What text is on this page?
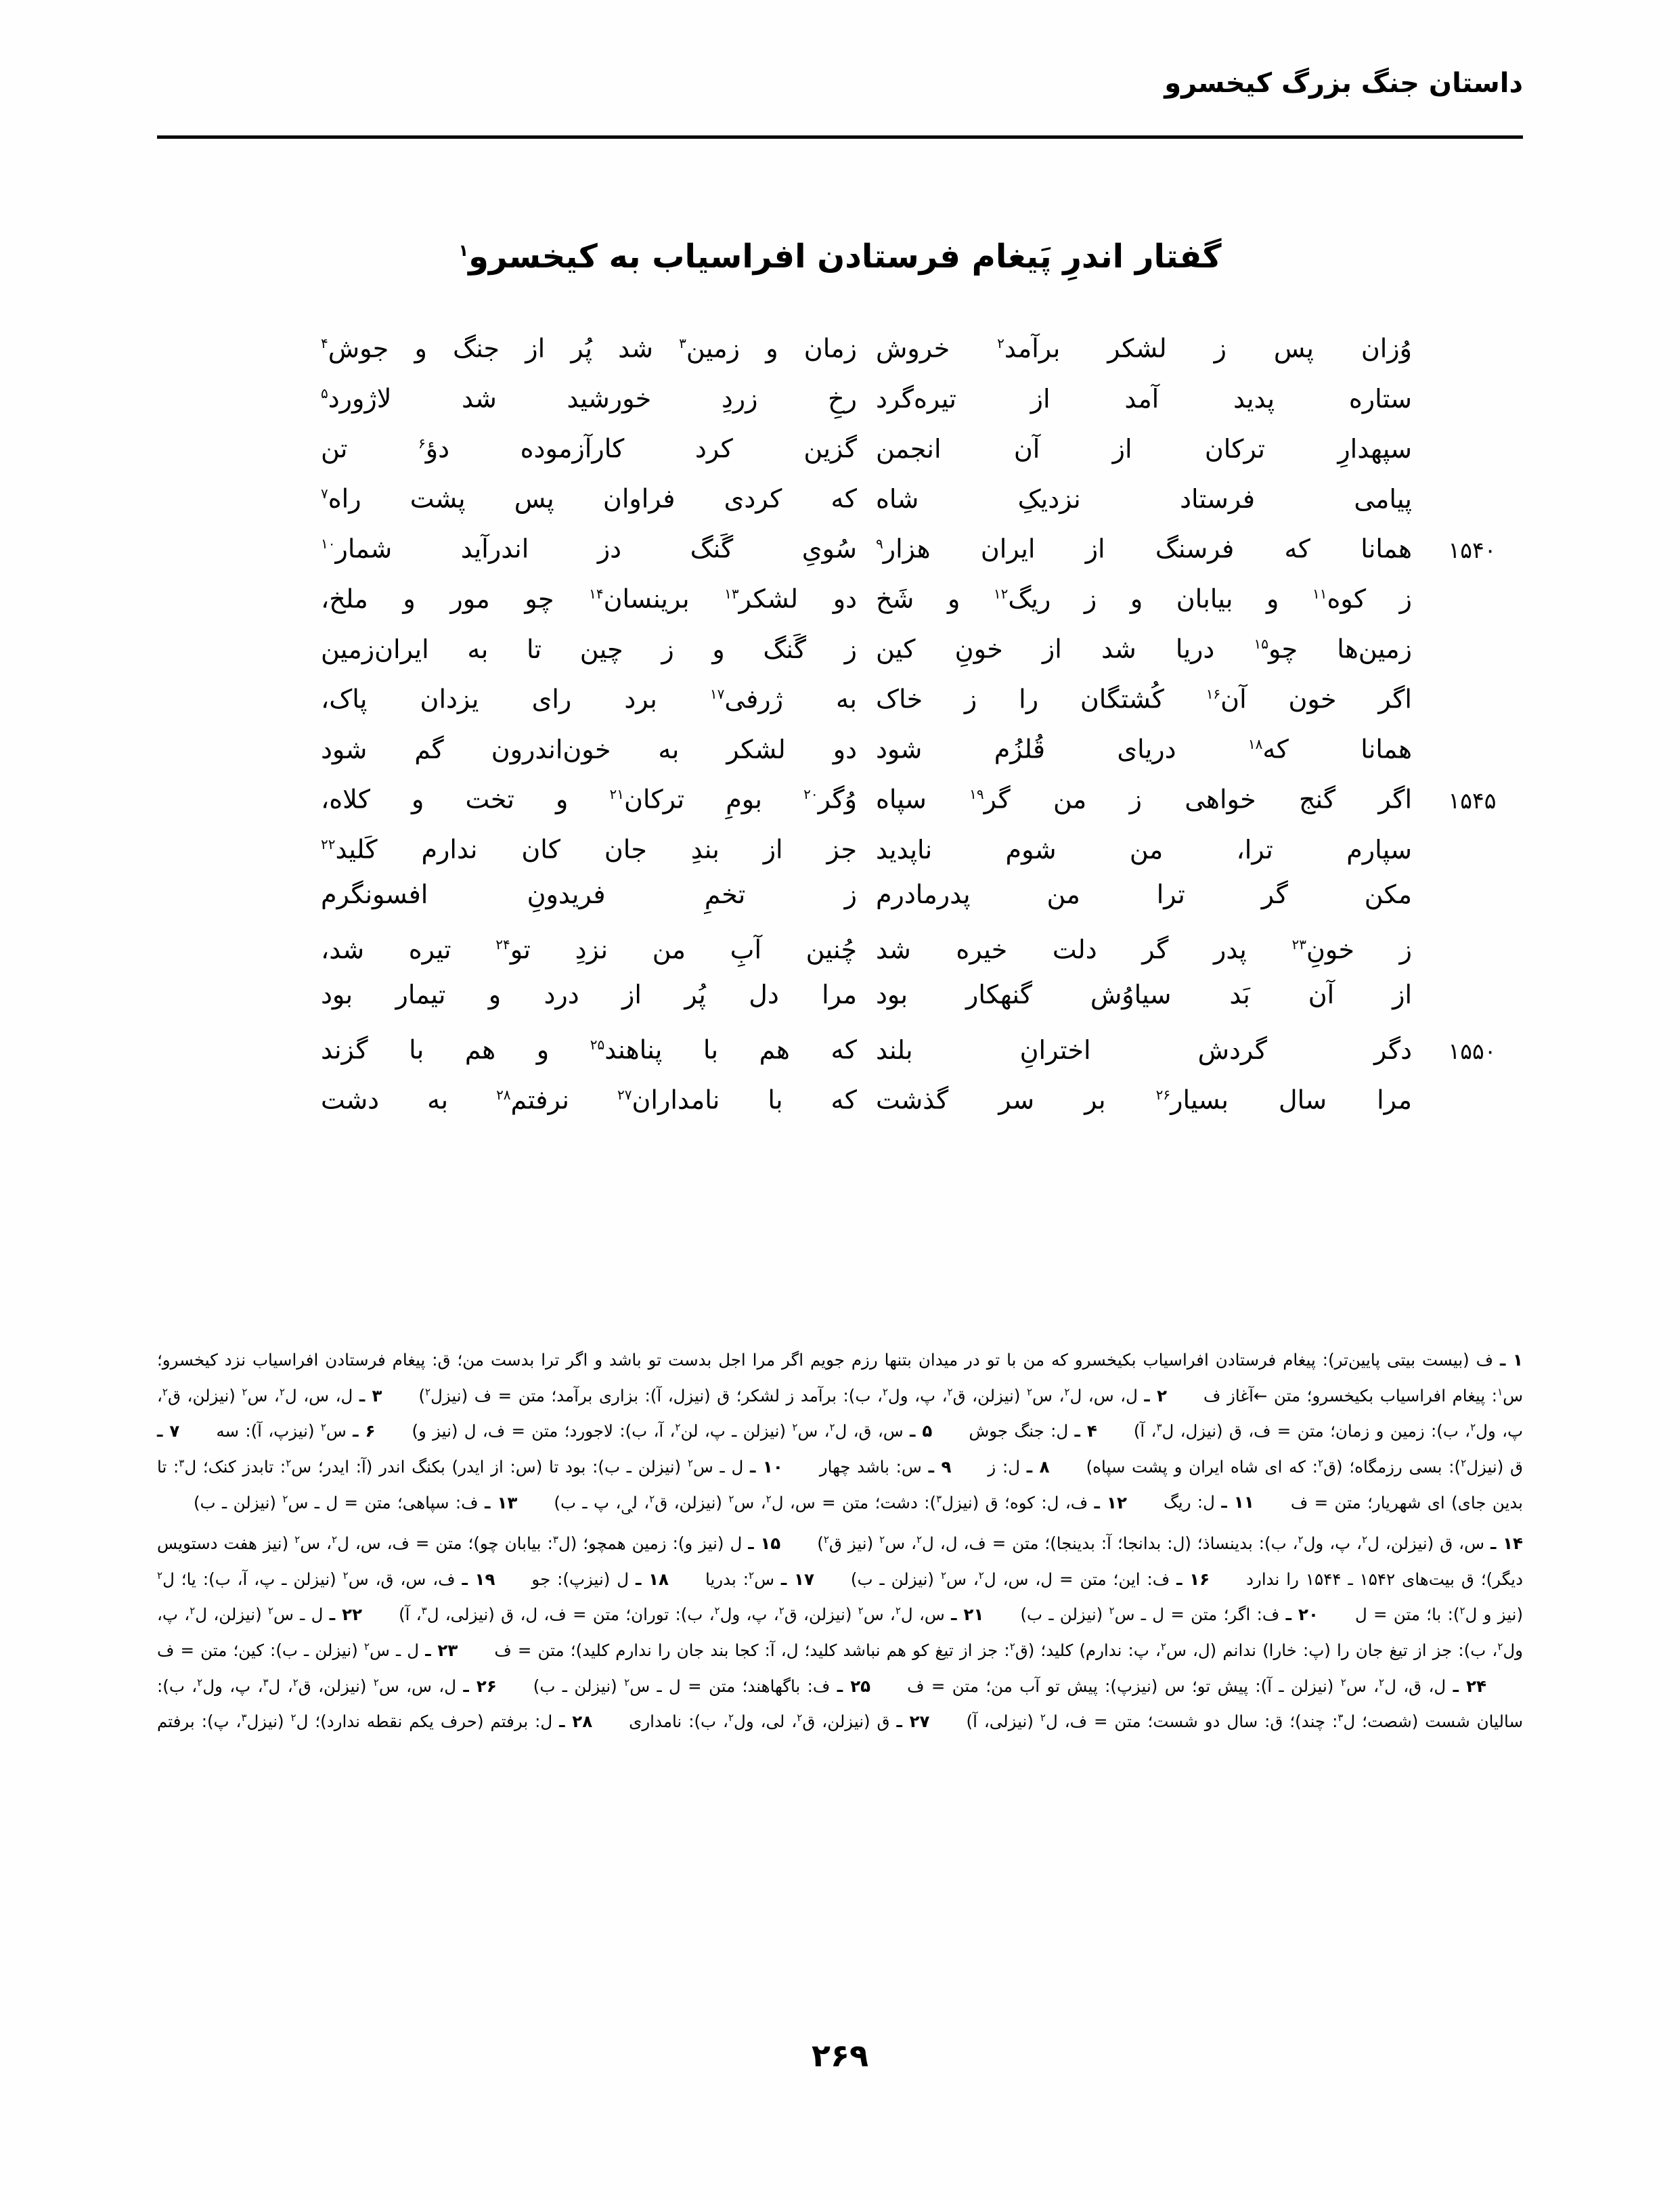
داستان جنگ بزرگ کیخسرو
گفتار اندرِ پَیغام فرستادن افراسیاب به کیخسرو$^۱$
وُزان پس ز لشکر برآمد$^۲$ خروش
زمان و زمین$^۳$ شد پُر از جنگ و جوش$^۴$
ستاره پدید آمد از تیره‌گرد
رخِ زردِ خورشید شد لاژورد$^۵$
سپهدارِ ترکان از آن انجمن
گزین کرد کارآزموده دؤ$^۶$ تن
پیامی فرستاد نزدیکِ شاه
که کردی فراوان پس پشت راه$^۷$
۱۵۴۰
همانا که فرسنگ از ایران هزار$^۹$
سُویِ گَنگ دز اندرآید شمار$^{۱۰}$
ز کوه$^{۱۱}$ و بیابان و ز ریگ$^{۱۲}$ و شَخ
دو لشکر$^{۱۳}$ برینسان$^{۱۴}$ چو مور و ملخ،
زمین‌ها چو$^{۱۵}$ دریا شد از خونِ کین
ز گَنگ و ز چین تا به ایران‌زمین
اگر خون آن$^{۱۶}$ کُشتگان را ز خاک
به ژرفی$^{۱۷}$ برد رای یزدان پاک،
همانا که$^{۱۸}$ دریای قُلزُم شود
دو لشکر به خون‌اندرون گم شود
۱۵۴۵
اگر گنج خواهی ز من گر$^{۱۹}$ سپاه
وُگر$^{۲۰}$ بومِ ترکان$^{۲۱}$ و تخت و کلاه،
سپارم ترا، من شوم ناپدید
جز از بندِ جان کان ندارم کَلید$^{۲۲}$
مکن گر ترا من پدرمادرم
ز تخمِ فریدونِ افسونگرم
ز خونِ$^{۲۳}$ پدر گر دلت خیره شد
چُنین آبِ من نزدِ تو$^{۲۴}$ تیره شد،
از آن بَد سیاوُش گنهکار بود
مرا دل پُر از درد و تیمار بود
۱۵۵۰
دگر گردش اخترانِ بلند
که هم با پناهند$^{۲۵}$ و هم با گزند
مرا سال بسیار$^{۲۶}$ بر سر گذشت
که با نامداران$^{۲۷}$ نرفتم$^{۲۸}$ به دشت
۱ ـ ف (بیست بیتی پایین‌تر): پیغام فرستادن افراسیاب بکیخسرو که من با تو در میدان بتنها رزم جویم اگر مرا اجل بدست تو باشد و اگر ترا بدست من؛ ق: پیغام فرستادن افراسیاب نزد کیخسرو؛ س$^۱$: پیغام افراسیاب بکیخسرو؛ متن ←آغاز ف۲ ـ ل، س، ل$^۲$، س$^۲$ (نیزلن، ق$^۲$، پ، ول$^۲$، ب): برآمد ز لشکر؛ ق (نیزل، آ): بزاری برآمد؛ متن = ف (نیزل$^۲$)۳ ـ ل، س، ل$^۲$، س$^۲$ (نیزلن، ق$^۲$، پ، ول$^۲$، ب): زمین و زمان؛ متن = ف، ق (نیزل، ل$^۳$، آ)۴ ـ ل: جنگ جوش۵ ـ س، ق، ل$^۲$، س$^۲$ (نیزلن ـ پ، لن$^۲$، آ، ب): لاجورد؛ متن = ف، ل (نیز و)۶ ـ س$^۲$ (نیزپ، آ): سه۷ ـ ق (نیزل$^۲$): بسی رزمگاه؛ (ق$^۲$: که ای شاه ایران و پشت سپاه)۸ ـ ل: ز۹ ـ س: باشد چهار۱۰ ـ ل ـ س$^۲$ (نیزلن ـ ب): بود تا (س: از ایدر) بکنگ اندر (آ: ایدر؛ س$^۲$: تابدز کنک؛ ل$^۳$: تا بدین جای) ای شهریار؛ متن = ف۱۱ ـ ل: ریگ۱۲ ـ ف، ل: کوه؛ ق (نیزل$^۳$): دشت؛ متن = س، ل$^۲$، س$^۲$ (نیزلن، ق$^۲$، ل$_ی$، پ ـ ب)۱۳ ـ ف: سپاهی؛ متن = ل ـ س$^۲$ (نیزلن ـ ب)۱۴ ـ س، ق (نیزلن، ل$^۲$، پ، ول$^۲$، ب): بدینساذ؛ (ل: بدانجا؛ آ: بدینجا)؛ متن = ف، ل، ل$^۲$، س$^۲$ (نیز ق$^۲$)۱۵ ـ ل (نیز و): زمین همچو؛ (ل$^۳$: بیابان چو)؛ متن = ف، س، ل$^۲$، س$^۲$ (نیز هفت دستویس دیگر)؛ ق بیت‌های ۱۵۴۲ ـ ۱۵۴۴ را ندارد۱۶ ـ ف: این؛ متن = ل، س، ل$^۲$، س$^۲$ (نیزلن ـ ب)۱۷ ـ س$^۲$: بدریا۱۸ ـ ل (نیزپ): جو۱۹ ـ ف، س، ق، س$^۲$ (نیزلن ـ پ، آ، ب): یا؛ ل$^۲$ (نیز و ل$^۲$): با؛ متن = ل۲۰ ـ ف: اگر؛ متن = ل ـ س$^۲$ (نیزلن ـ ب)۲۱ ـ س، ل$^۲$، س$^۲$ (نیزلن، ق$^۲$، پ، ول$^۲$، ب): توران؛ متن = ف، ل، ق (نیزلی، ل$^۳$، آ)۲۲ ـ ل ـ س$^۲$ (نیزلن، ل$^۲$، پ، ول$^۲$، ب): جز از تیغ جان را (پ: خارا) ندانم (ل، س$^۲$، پ: ندارم) کلید؛ (ق$^۲$: جز از تیغ کو هم نباشد کلید؛ ل، آ: کجا بند جان را ندارم کلید)؛ متن = ف۲۳ ـ ل ـ س$^۲$ (نیزلن ـ ب): کین؛ متن = ف۲۴ ـ ل، ق، ل$^۲$، س$^۲$ (نیزلن ـ آ): پیش تو؛ س (نیزپ): پیش تو آب من؛ متن = ف۲۵ ـ ف: باگهاهند؛ متن = ل ـ س$^۲$ (نیزلن ـ ب)۲۶ ـ ل، س، س$^۲$ (نیزلن، ق$^۲$، ل$^۳$، پ، ول$^۲$، ب): سالیان شست (شصت؛ ل$^۳$: چند)؛ ق: سال دو شست؛ متن = ف، ل$^۲$ (نیزلی، آ)۲۷ ـ ق (نیزلن، ق$^۲$، لی، ول$^۲$، ب): نامداری۲۸ ـ ل: برفتم (حرف یکم نقطه ندارد)؛ ل$^۲$ (نیزل$^۳$، پ): برفتم
۲۶۹
